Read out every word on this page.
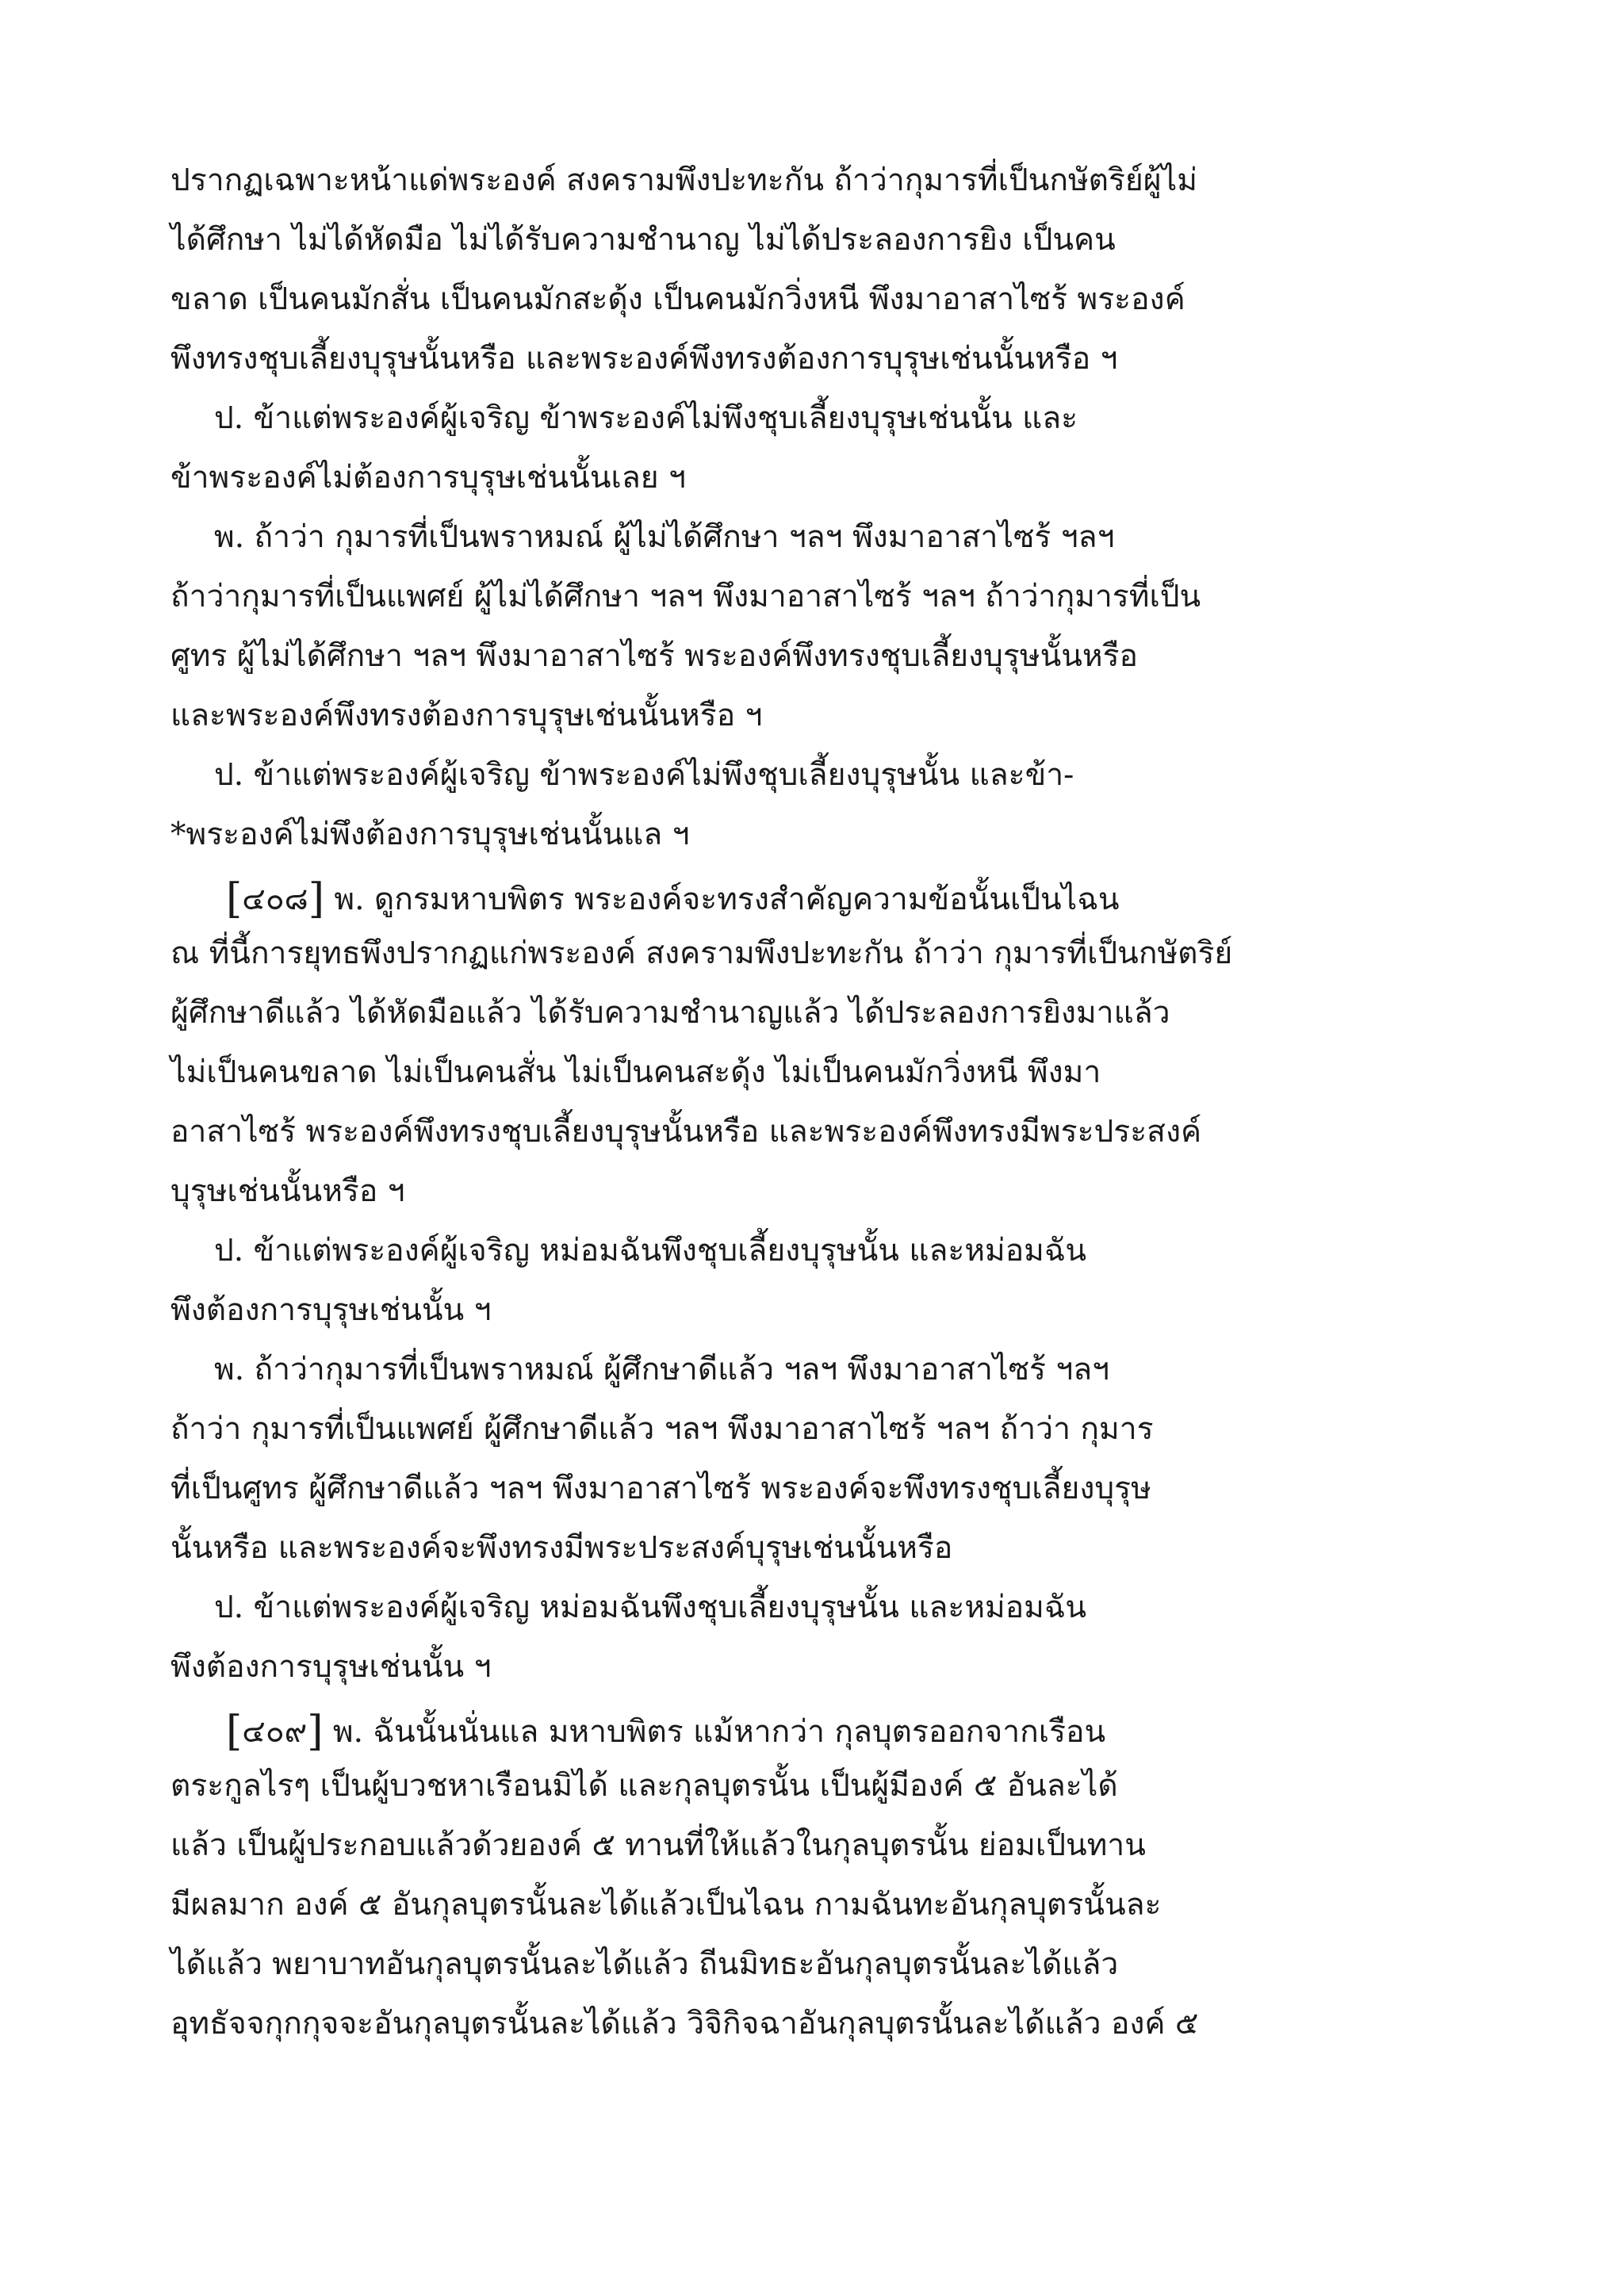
ปรากฏเฉพาะหน้าแด่พระองค์ สงครามพึงปะทะกัน ถ้าว่ากุมารที่เป็นกษัตริย์ผู้ไม่
ได้ศึกษา ไม่ได้หัดมือ ไม่ได้รับความชำนาญ ไม่ได้ประลองการยิง เป็นคน
ขลาด เป็นคนมักสั่น เป็นคนมักสะดุ้ง เป็นคนมักวิ่งหนี พึงมาอาสาไซร้ พระองค์
พึงทรงชุบเลี้ยงบุรุษนั้นหรือ และพระองค์พึงทรงต้องการบุรุษเช่นนั้นหรือ ฯ
ป. ข้าแต่พระองค์ผู้เจริญ ข้าพระองค์ไม่พึงชุบเลี้ยงบุรุษเช่นนั้น และ
ข้าพระองค์ไม่ต้องการบุรุษเช่นนั้นเลย ฯ
พ. ถ้าว่า กุมารที่เป็นพราหมณ์ ผู้ไม่ได้ศึกษา ฯลฯ พึงมาอาสาไซร้ ฯลฯ
ถ้าว่ากุมารที่เป็นแพศย์ ผู้ไม่ได้ศึกษา ฯลฯ พึงมาอาสาไซร้ ฯลฯ ถ้าว่ากุมารที่เป็น
ศูทร ผู้ไม่ได้ศึกษา ฯลฯ พึงมาอาสาไซร้ พระองค์พึงทรงชุบเลี้ยงบุรุษนั้นหรือ
และพระองค์พึงทรงต้องการบุรุษเช่นนั้นหรือ ฯ
ป. ข้าแต่พระองค์ผู้เจริญ ข้าพระองค์ไม่พึงชุบเลี้ยงบุรุษนั้น และข้า-
*พระองค์ไม่พึงต้องการบุรุษเช่นนั้นแล ฯ
[๔๐๘] พ. ดูกรมหาบพิตร พระองค์จะทรงสำคัญความข้อนั้นเป็นไฉน
ณ ที่นี้การยุทธพึงปรากฏแก่พระองค์ สงครามพึงปะทะกัน ถ้าว่า กุมารที่เป็นกษัตริย์
ผู้ศึกษาดีแล้ว ได้หัดมือแล้ว ได้รับความชำนาญแล้ว ได้ประลองการยิงมาแล้ว
ไม่เป็นคนขลาด ไม่เป็นคนสั่น ไม่เป็นคนสะดุ้ง ไม่เป็นคนมักวิ่งหนี พึงมา
อาสาไซร้ พระองค์พึงทรงชุบเลี้ยงบุรุษนั้นหรือ และพระองค์พึงทรงมีพระประสงค์
บุรุษเช่นนั้นหรือ ฯ
ป. ข้าแต่พระองค์ผู้เจริญ หม่อมฉันพึงชุบเลี้ยงบุรุษนั้น และหม่อมฉัน
พึงต้องการบุรุษเช่นนั้น ฯ
พ. ถ้าว่ากุมารที่เป็นพราหมณ์ ผู้ศึกษาดีแล้ว ฯลฯ พึงมาอาสาไซร้ ฯลฯ
ถ้าว่า กุมารที่เป็นแพศย์ ผู้ศึกษาดีแล้ว ฯลฯ พึงมาอาสาไซร้ ฯลฯ ถ้าว่า กุมาร
ที่เป็นศูทร ผู้ศึกษาดีแล้ว ฯลฯ พึงมาอาสาไซร้ พระองค์จะพึงทรงชุบเลี้ยงบุรุษ
นั้นหรือ และพระองค์จะพึงทรงมีพระประสงค์บุรุษเช่นนั้นหรือ
ป. ข้าแต่พระองค์ผู้เจริญ หม่อมฉันพึงชุบเลี้ยงบุรุษนั้น และหม่อมฉัน
พึงต้องการบุรุษเช่นนั้น ฯ
[๔๐๙] พ. ฉันนั้นนั่นแล มหาบพิตร แม้หากว่า กุลบุตรออกจากเรือน
ตระกูลไรๆ เป็นผู้บวชหาเรือนมิได้ และกุลบุตรนั้น เป็นผู้มีองค์ ๕ อันละได้
แล้ว เป็นผู้ประกอบแล้วด้วยองค์ ๕ ทานที่ให้แล้วในกุลบุตรนั้น ย่อมเป็นทาน
มีผลมาก องค์ ๕ อันกุลบุตรนั้นละได้แล้วเป็นไฉน กามฉันทะอันกุลบุตรนั้นละ
ได้แล้ว พยาบาทอันกุลบุตรนั้นละได้แล้ว ถีนมิทธะอันกุลบุตรนั้นละได้แล้ว
อุทธัจจกุกกุจจะอันกุลบุตรนั้นละได้แล้ว วิจิกิจฉาอันกุลบุตรนั้นละได้แล้ว องค์ ๕
